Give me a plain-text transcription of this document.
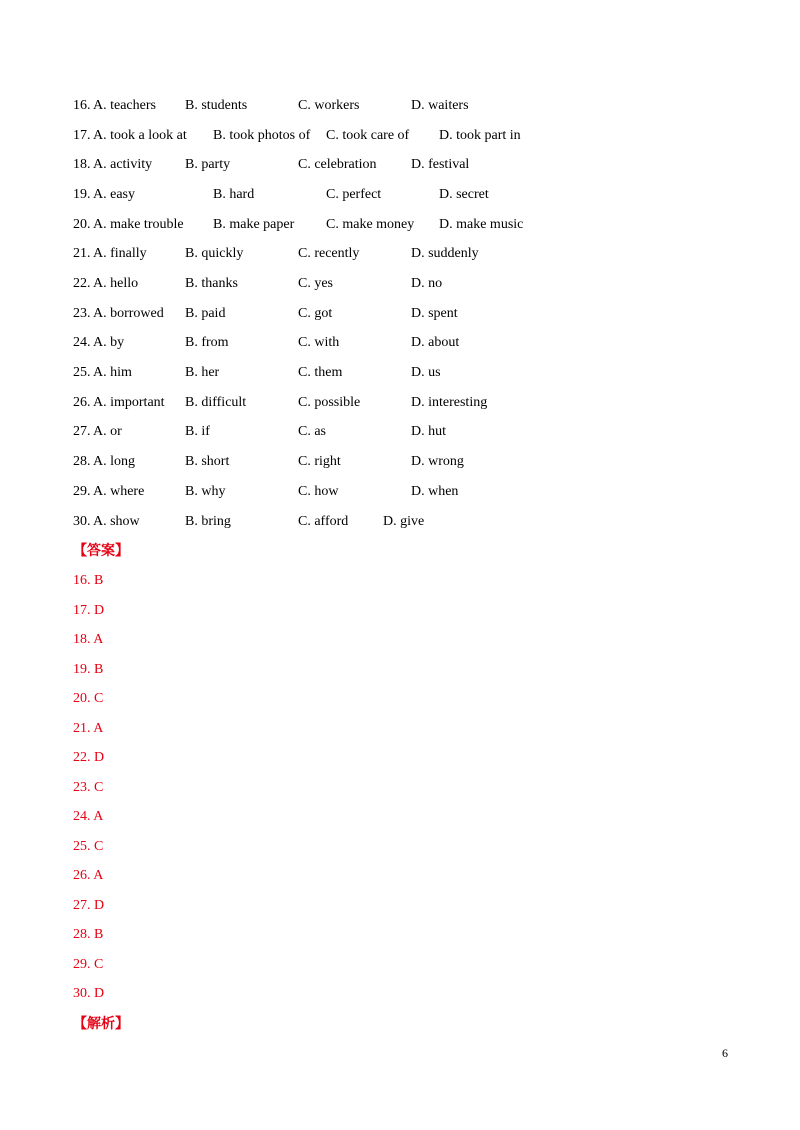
16. A. teachers B. students	C. workers	D. waiters
17. A. took a look at B. took photos of C. took care of D. took part in
18. A. activity B. party	C. celebration D. festival
19. A. easy	B. hard	C. perfect	D. secret
20. A. make trouble B. make paper C. make money D. make music
21. A. finally	B. quickly	C. recently	D. suddenly
22. A. hello	B. thanks	C. yes	D. no
23. A. borrowed B. paid	C. got	D. spent
24. A. by	B. from	C. with	D. about
25. A. him	B. her	C. them	D. us
26. A. important B. difficult	C. possible	D. interesting
27. A. or	B. if	C. as	D. hut
28. A. long	B. short	C. right	D. wrong
29. A. where	B. why	C. how	D. when
30. A. show	B. bring	C. afford D. give
【答案】
16. B
17. D
18. A
19. B
20. C
21. A
22. D
23. C
24. A
25. C
26. A
27. D
28. B
29. C
30. D
【解析】
6
